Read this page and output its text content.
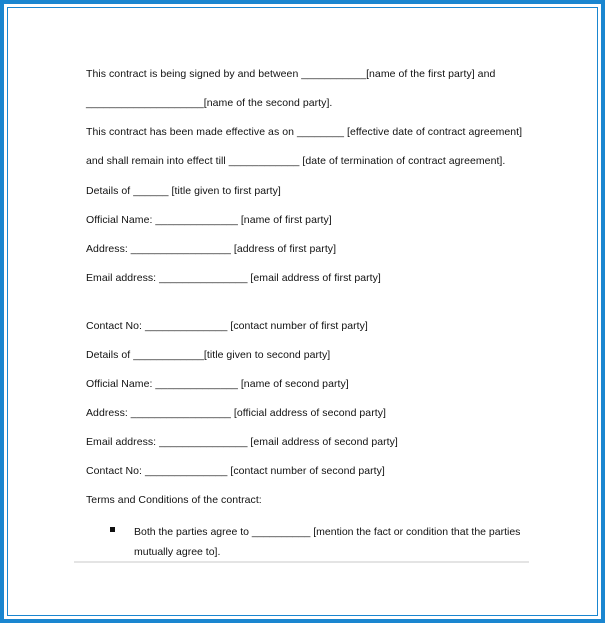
This contract is being signed by and between ___________[name of the first party] and
____________________[name of the second party].
This contract has been made effective as on ________ [effective date of contract agreement]
and shall remain into effect till ____________ [date of termination of contract agreement].
Details of ______ [title given to first party]
Official Name: ______________ [name of first party]
Address: _________________ [address of first party]
Email address: _______________ [email address of first party]
Contact No: ______________ [contact number of first party]
Details of ____________[title given to second party]
Official Name: ______________ [name of second party]
Address: _________________ [official address of second party]
Email address: _______________ [email address of second party]
Contact No: ______________ [contact number of second party]
Terms and Conditions of the contract:
Both the parties agree to __________ [mention the fact or condition that the parties
mutually agree to].
